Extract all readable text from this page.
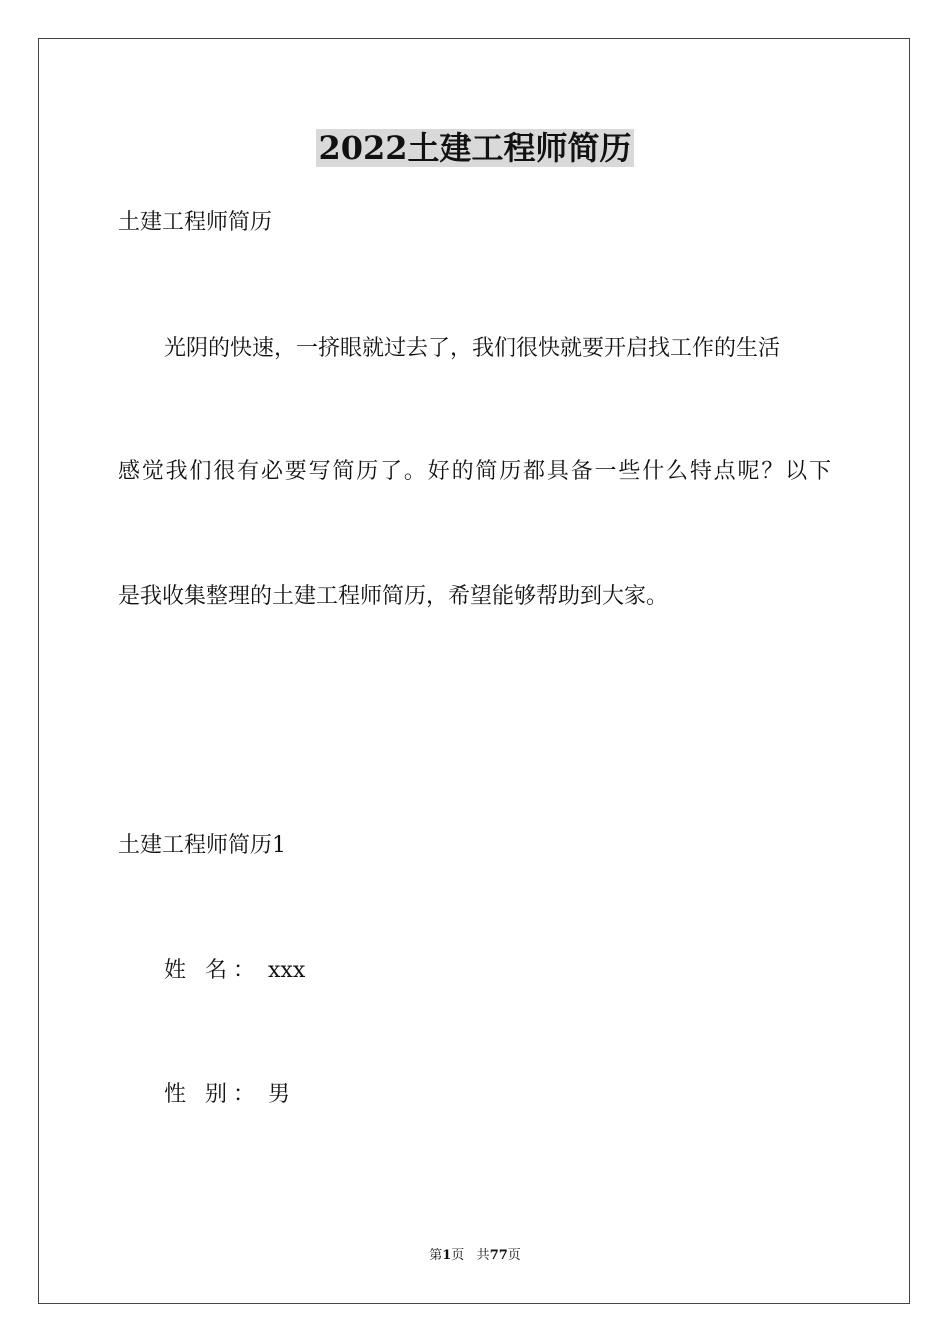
2022土建工程师简历

土建工程师简历

光阴的快速，一挤眼就过去了，我们很快就要开启找工作的生活

感觉我们很有必要写简历了。好的简历都具备一些什么特点呢？以下

是我收集整理的土建工程师简历，希望能够帮助到大家。

土建工程师简历1

姓 名： xxx

性 别： 男

第1页 共77页
